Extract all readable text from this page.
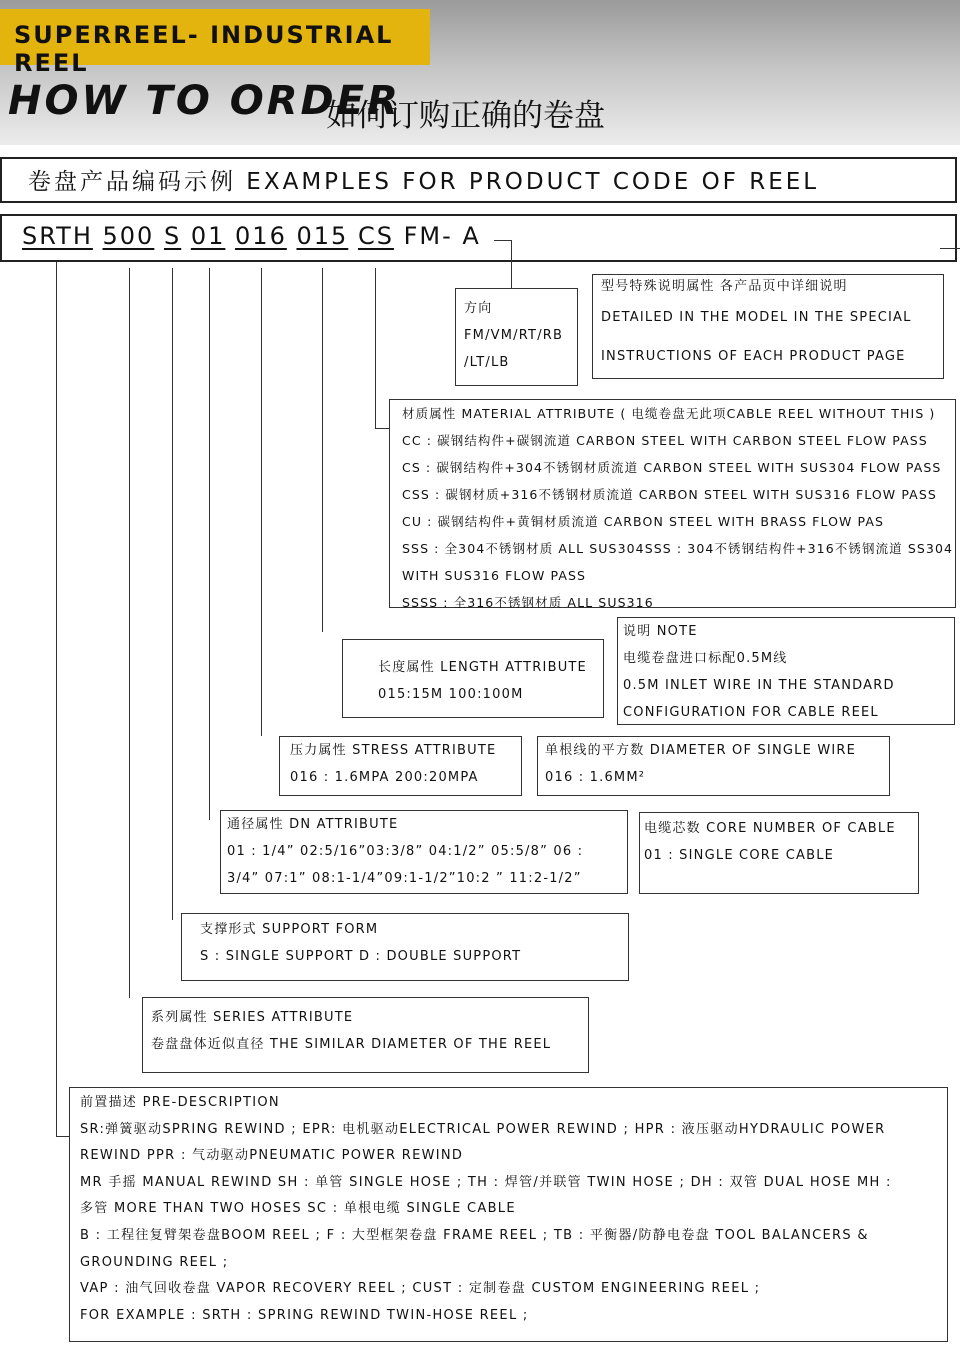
SUPERREEL- INDUSTRIAL REEL
HOW TO ORDER
如何订购正确的卷盘
卷盘产品编码示例 EXAMPLES FOR PRODUCT CODE OF REEL
SRTH 500 S 01 016 015 CS FM- A
方向
FM/VM/RT/RB
/LT/LB
型号特殊说明属性 各产品页中详细说明
DETAILED IN THE MODEL IN THE SPECIAL
INSTRUCTIONS OF EACH PRODUCT PAGE
材质属性 MATERIAL ATTRIBUTE ( 电缆卷盘无此项CABLE REEL WITHOUT THIS )
CC : 碳钢结构件+碳钢流道 CARBON STEEL WITH CARBON STEEL FLOW PASS
CS : 碳钢结构件+304不锈钢材质流道 CARBON STEEL WITH SUS304 FLOW PASS
CSS : 碳钢材质+316不锈钢材质流道 CARBON STEEL WITH SUS316 FLOW PASS
CU : 碳钢结构件+黄铜材质流道 CARBON STEEL WITH BRASS FLOW PAS
SSS : 全304不锈钢材质 ALL SUS304SSS : 304不锈钢结构件+316不锈钢流道 SS304
WITH SUS316 FLOW PASS
SSSS : 全316不锈钢材质 ALL SUS316
说明 NOTE
电缆卷盘进口标配0.5M线
0.5M INLET WIRE IN THE STANDARD
CONFIGURATION FOR CABLE REEL
长度属性 LENGTH ATTRIBUTE
015:15M 100:100M
压力属性 STRESS ATTRIBUTE
016 : 1.6MPA 200:20MPA
单根线的平方数 DIAMETER OF SINGLE WIRE
016 : 1.6MM²
通径属性 DN ATTRIBUTE
01 : 1/4” 02:5/16”03:3/8” 04:1/2” 05:5/8” 06 :
3/4” 07:1” 08:1-1/4”09:1-1/2”10:2 ” 11:2-1/2”
电缆芯数 CORE NUMBER OF CABLE
01 : SINGLE CORE CABLE
支撑形式 SUPPORT FORM
S : SINGLE SUPPORT D : DOUBLE SUPPORT
系列属性 SERIES ATTRIBUTE
卷盘盘体近似直径 THE SIMILAR DIAMETER OF THE REEL
前置描述 PRE-DESCRIPTION
SR:弹簧驱动SPRING REWIND ; EPR: 电机驱动ELECTRICAL POWER REWIND ; HPR : 液压驱动HYDRAULIC POWER
REWIND PPR : 气动驱动PNEUMATIC POWER REWIND
MR 手摇 MANUAL REWIND SH : 单管 SINGLE HOSE ; TH : 焊管/并联管 TWIN HOSE ; DH : 双管 DUAL HOSE MH :
多管 MORE THAN TWO HOSES SC : 单根电缆 SINGLE CABLE
B : 工程往复臂架卷盘BOOM REEL ; F : 大型框架卷盘 FRAME REEL ; TB : 平衡器/防静电卷盘 TOOL BALANCERS &
GROUNDING REEL ;
VAP : 油气回收卷盘 VAPOR RECOVERY REEL ; CUST : 定制卷盘 CUSTOM ENGINEERING REEL ;
FOR EXAMPLE : SRTH : SPRING REWIND TWIN-HOSE REEL ;
